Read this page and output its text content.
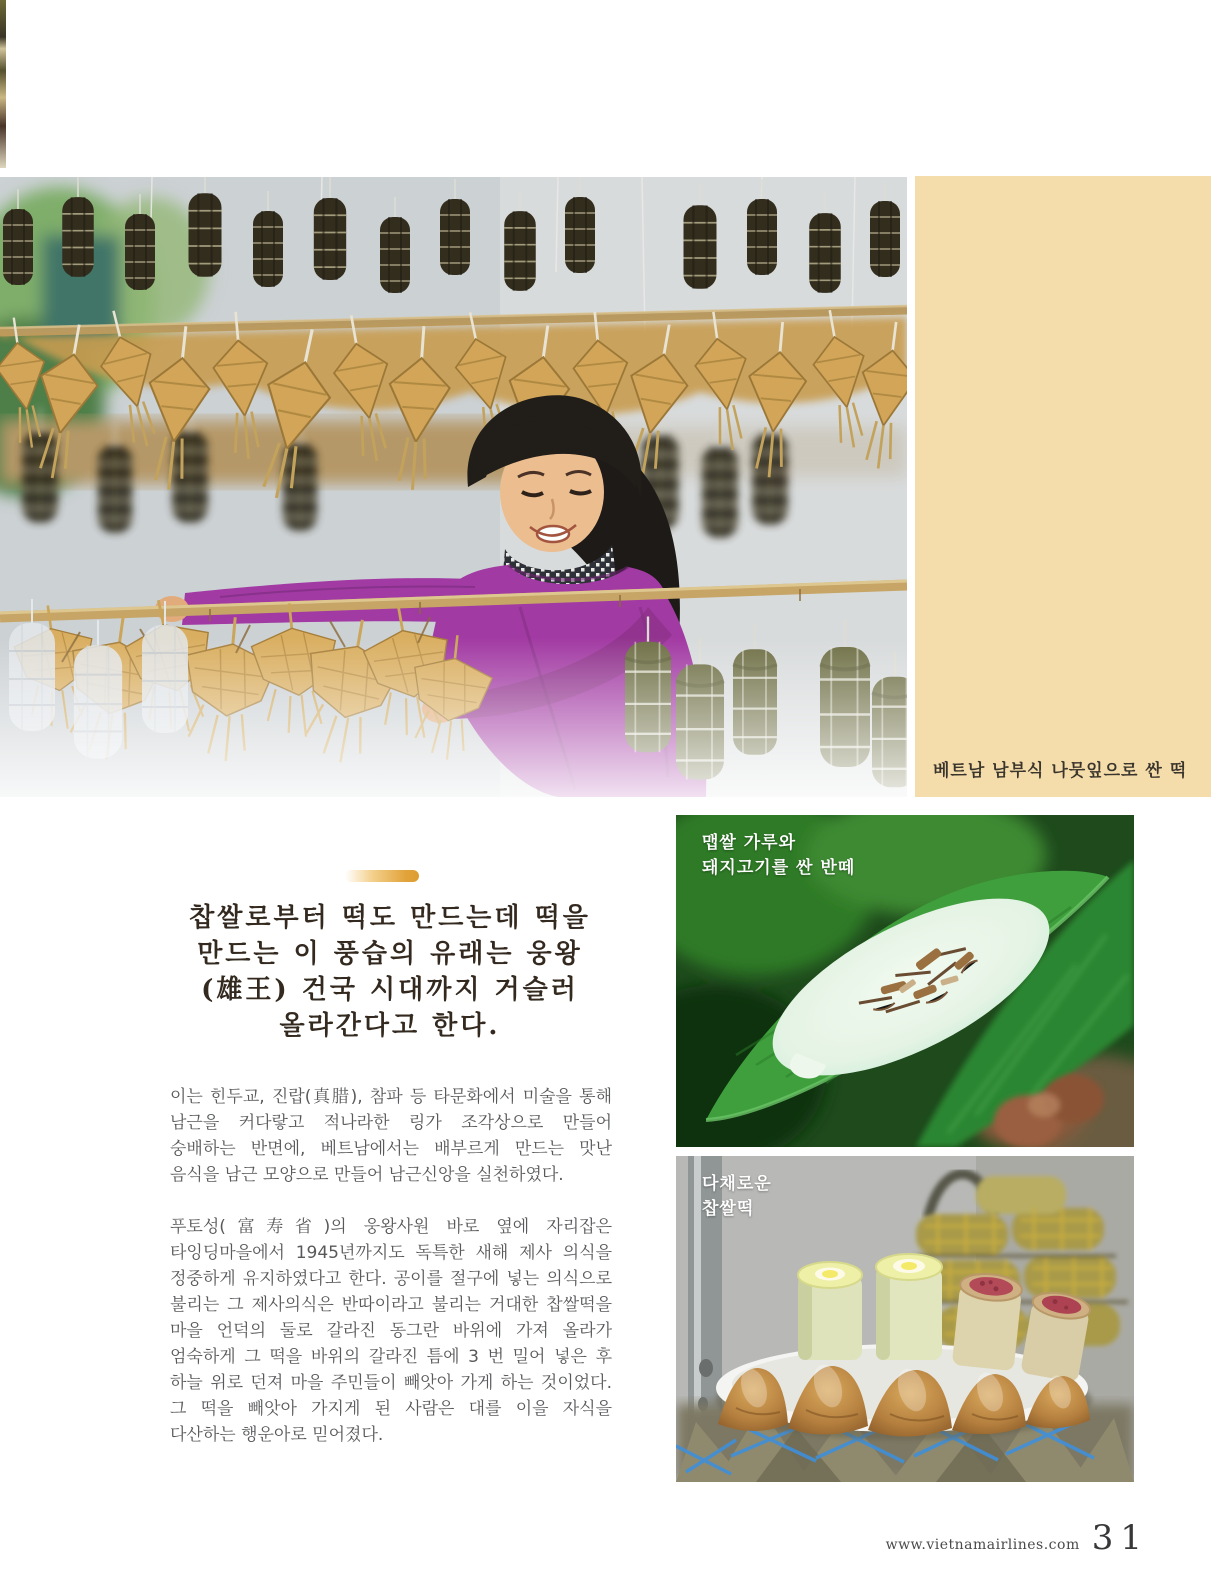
베트남 남부식 나뭇잎으로 싼 떡
찹쌀로부터 떡도 만드는데 떡을
만드는 이 풍습의 유래는 웅왕
(雄王) 건국 시대까지 거슬러
올라간다고 한다.

이는 힌두교, 진랍(真腊), 참파 등 타문화에서 미술을 통해 남근을 커다랗고 적나라한 링가 조각상으로 만들어 숭배하는 반면에, 베트남에서는 배부르게 만드는 맛난 음식을 남근 모양으로 만들어 남근신앙을 실천하였다.

푸토성(富寿省)의 웅왕사원 바로 옆에 자리잡은 타잉딩마을에서 1945년까지도 독특한 새해 제사 의식을 정중하게 유지하였다고 한다. 공이를 절구에 넣는 의식으로 불리는 그 제사의식은 반따이라고 불리는 거대한 찹쌀떡을 마을 언덕의 둘로 갈라진 동그란 바위에 가져 올라가 엄숙하게 그 떡을 바위의 갈라진 틈에 3 번 밀어 넣은 후 하늘 위로 던져 마을 주민들이 빼앗아 가게 하는 것이었다. 그 떡을 빼앗아 가지게 된 사람은 대를 이을 자식을 다산하는 행운아로 믿어졌다.

맵쌀 가루와
돼지고기를 싼 반떼
다채로운
찹쌀떡
www.vietnamairlines.com 31
